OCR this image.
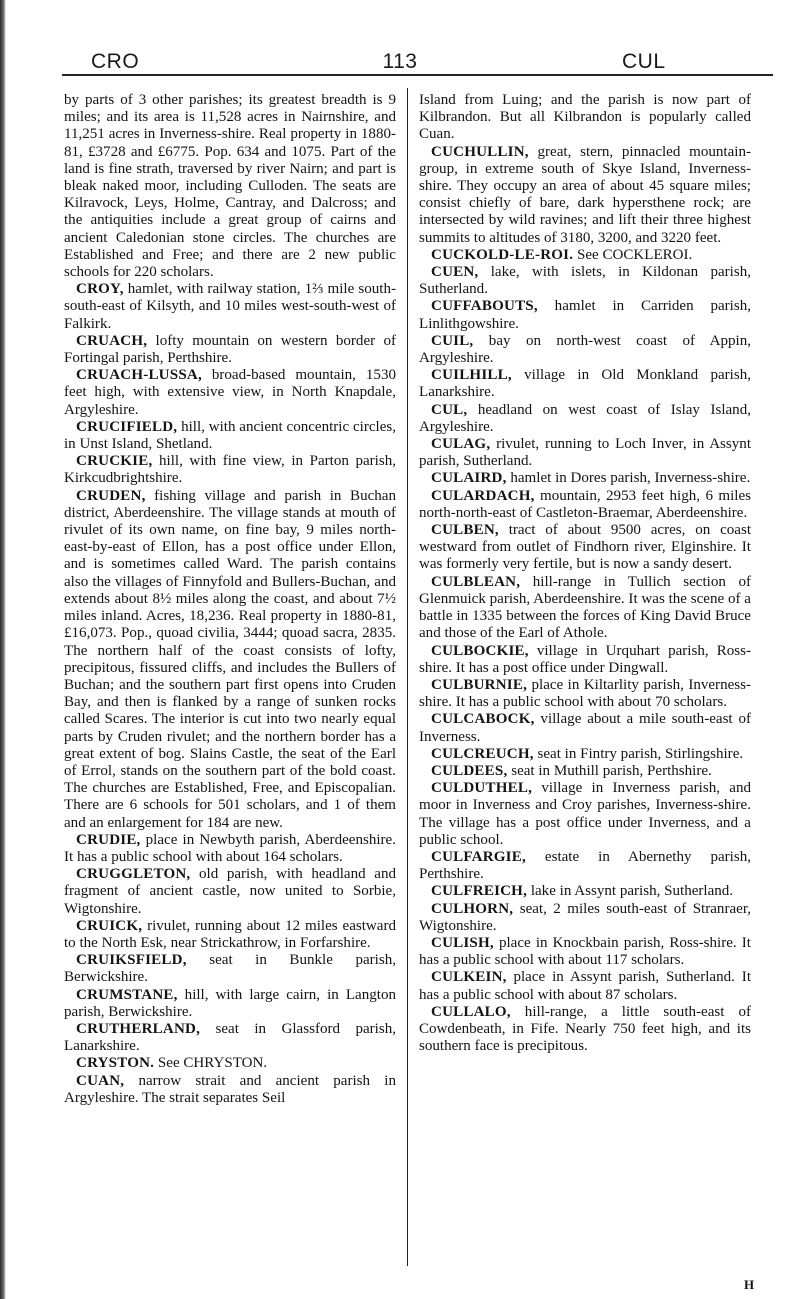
CRO	113	CUL

by parts of 3 other parishes; its greatest breadth is 9 miles; and its area is 11,528 acres in Nairnshire, and 11,251 acres in Inverness-shire. Real property in 1880-81, £3728 and £6775. Pop. 634 and 1075. Part of the land is fine strath, traversed by river Nairn; and part is bleak naked moor, including Culloden. The seats are Kilravock, Leys, Holme, Cantray, and Dalcross; and the antiquities include a great group of cairns and ancient Caledonian stone circles. The churches are Established and Free; and there are 2 new public schools for 220 scholars.

CROY, hamlet, with railway station, 1⅔ mile south-south-east of Kilsyth, and 10 miles west-south-west of Falkirk.

CRUACH, lofty mountain on western border of Fortingal parish, Perthshire.

CRUACH-LUSSA, broad-based mountain, 1530 feet high, with extensive view, in North Knapdale, Argyleshire.

CRUCIFIELD, hill, with ancient concentric circles, in Unst Island, Shetland.

CRUCKIE, hill, with fine view, in Parton parish, Kirkcudbrightshire.

CRUDEN, fishing village and parish in Buchan district, Aberdeenshire. The village stands at mouth of rivulet of its own name, on fine bay, 9 miles north-east-by-east of Ellon, has a post office under Ellon, and is sometimes called Ward. The parish contains also the villages of Finnyfold and Bullers-Buchan, and extends about 8½ miles along the coast, and about 7½ miles inland. Acres, 18,236. Real property in 1880-81, £16,073. Pop., quoad civilia, 3444; quoad sacra, 2835. The northern half of the coast consists of lofty, precipitous, fissured cliffs, and includes the Bullers of Buchan; and the southern part first opens into Cruden Bay, and then is flanked by a range of sunken rocks called Scares. The interior is cut into two nearly equal parts by Cruden rivulet; and the northern border has a great extent of bog. Slains Castle, the seat of the Earl of Errol, stands on the southern part of the bold coast. The churches are Established, Free, and Episcopalian. There are 6 schools for 501 scholars, and 1 of them and an enlargement for 184 are new.

CRUDIE, place in Newbyth parish, Aberdeenshire. It has a public school with about 164 scholars.

CRUGGLETON, old parish, with headland and fragment of ancient castle, now united to Sorbie, Wigtonshire.

CRUICK, rivulet, running about 12 miles eastward to the North Esk, near Strickathrow, in Forfarshire.

CRUIKSFIELD, seat in Bunkle parish, Berwickshire.

CRUMSTANE, hill, with large cairn, in Langton parish, Berwickshire.

CRUTHERLAND, seat in Glassford parish, Lanarkshire.

CRYSTON. See CHRYSTON.

CUAN, narrow strait and ancient parish in Argyleshire. The strait separates Seil

Island from Luing; and the parish is now part of Kilbrandon. But all Kilbrandon is popularly called Cuan.

CUCHULLIN, great, stern, pinnacled mountain-group, in extreme south of Skye Island, Inverness-shire. They occupy an area of about 45 square miles; consist chiefly of bare, dark hypersthene rock; are intersected by wild ravines; and lift their three highest summits to altitudes of 3180, 3200, and 3220 feet.

CUCKOLD-LE-ROI. See COCKLEROI.

CUEN, lake, with islets, in Kildonan parish, Sutherland.

CUFFABOUTS, hamlet in Carriden parish, Linlithgowshire.

CUIL, bay on north-west coast of Appin, Argyleshire.

CUILHILL, village in Old Monkland parish, Lanarkshire.

CUL, headland on west coast of Islay Island, Argyleshire.

CULAG, rivulet, running to Loch Inver, in Assynt parish, Sutherland.

CULAIRD, hamlet in Dores parish, Inverness-shire.

CULARDACH, mountain, 2953 feet high, 6 miles north-north-east of Castleton-Braemar, Aberdeenshire.

CULBEN, tract of about 9500 acres, on coast westward from outlet of Findhorn river, Elginshire. It was formerly very fertile, but is now a sandy desert.

CULBLEAN, hill-range in Tullich section of Glenmuick parish, Aberdeenshire. It was the scene of a battle in 1335 between the forces of King David Bruce and those of the Earl of Athole.

CULBOCKIE, village in Urquhart parish, Ross-shire. It has a post office under Dingwall.

CULBURNIE, place in Kiltarlity parish, Inverness-shire. It has a public school with about 70 scholars.

CULCABOCK, village about a mile south-east of Inverness.

CULCREUCH, seat in Fintry parish, Stirlingshire.

CULDEES, seat in Muthill parish, Perthshire.

CULDUTHEL, village in Inverness parish, and moor in Inverness and Croy parishes, Inverness-shire. The village has a post office under Inverness, and a public school.

CULFARGIE, estate in Abernethy parish, Perthshire.

CULFREICH, lake in Assynt parish, Sutherland.

CULHORN, seat, 2 miles south-east of Stranraer, Wigtonshire.

CULISH, place in Knockbain parish, Ross-shire. It has a public school with about 117 scholars.

CULKEIN, place in Assynt parish, Sutherland. It has a public school with about 87 scholars.

CULLALO, hill-range, a little south-east of Cowdenbeath, in Fife. Nearly 750 feet high, and its southern face is precipitous.

H
